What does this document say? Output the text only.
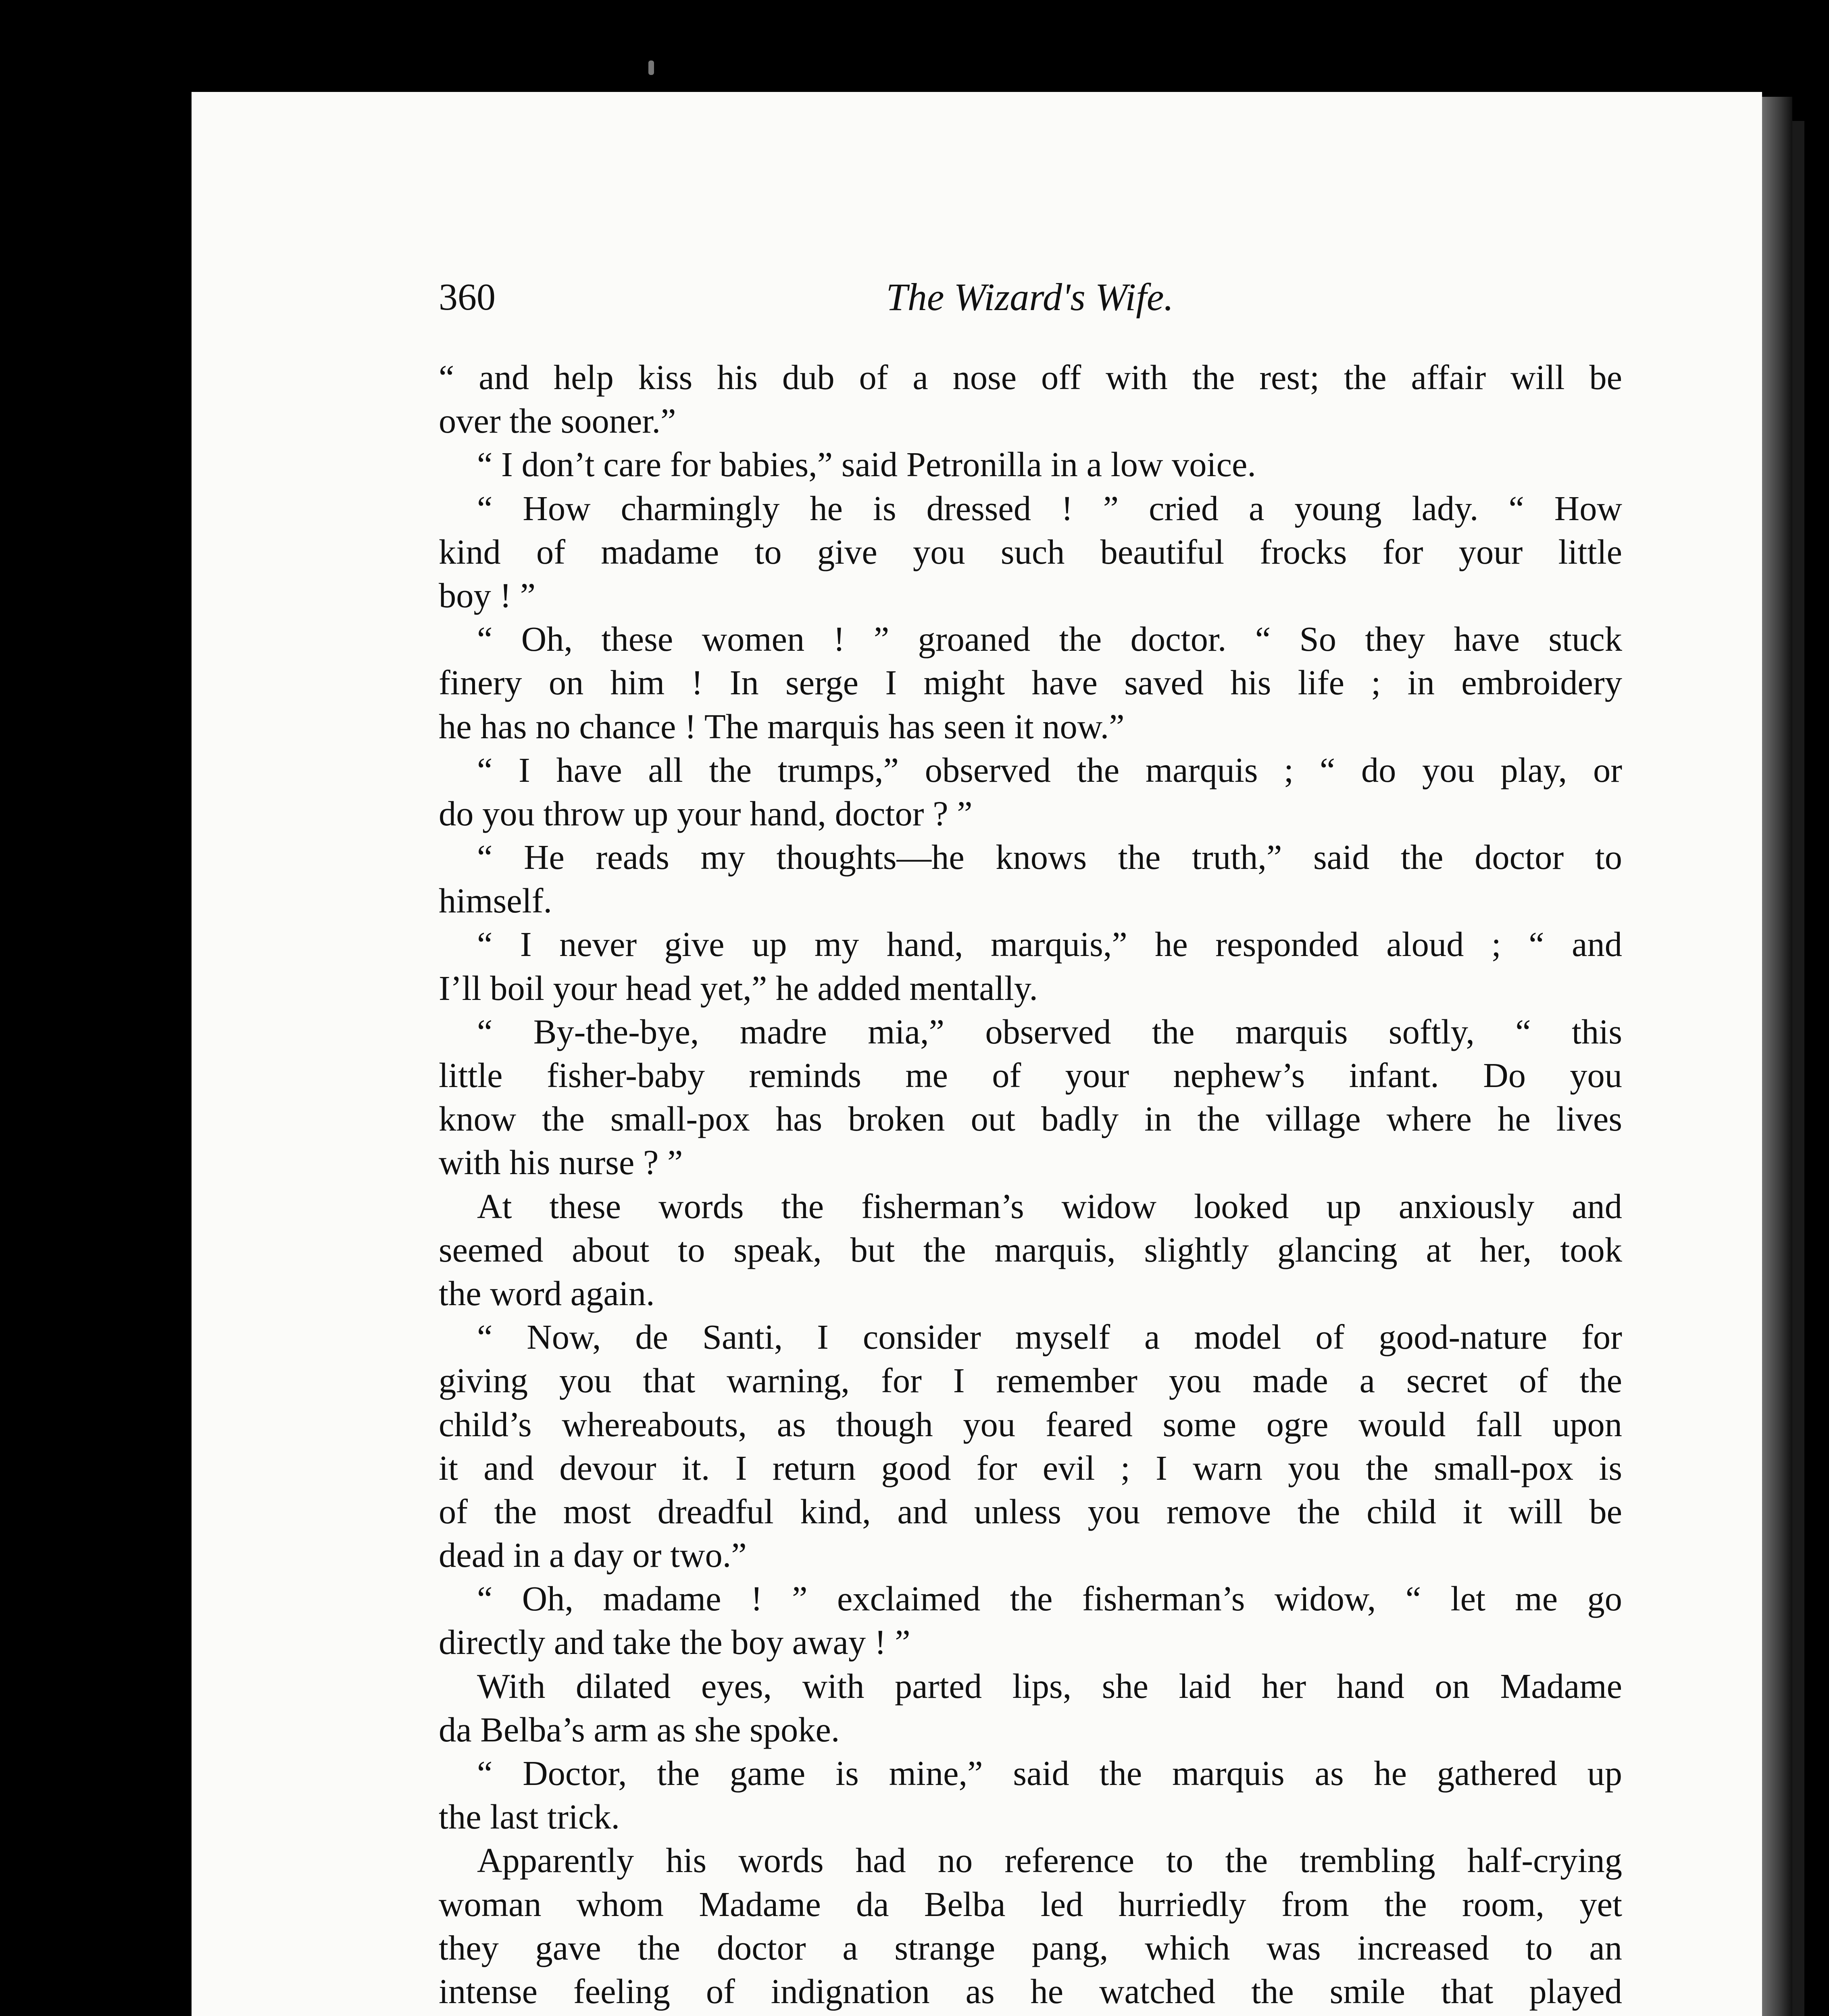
360	The Wizard's Wife.
“ and help kiss his dub of a nose off with the rest; the affair will be
over the sooner.”
“ I don’t care for babies,” said Petronilla in a low voice.
“ How charmingly he is dressed ! ” cried a young lady. “ How
kind of madame to give you such beautiful frocks for your little
boy ! ”
“ Oh, these women ! ” groaned the doctor. “ So they have stuck
finery on him ! In serge I might have saved his life ; in embroidery
he has no chance ! The marquis has seen it now.”
“ I have all the trumps,” observed the marquis ; “ do you play, or
do you throw up your hand, doctor ? ”
“ He reads my thoughts—he knows the truth,” said the doctor to
himself.
“ I never give up my hand, marquis,” he responded aloud ; “ and
I’ll boil your head yet,” he added mentally.
“ By-the-bye, madre mia,” observed the marquis softly, “ this
little fisher-baby reminds me of your nephew’s infant. Do you
know the small-pox has broken out badly in the village where he lives
with his nurse ? ”
At these words the fisherman’s widow looked up anxiously and
seemed about to speak, but the marquis, slightly glancing at her, took
the word again.
“ Now, de Santi, I consider myself a model of good-nature for
giving you that warning, for I remember you made a secret of the
child’s whereabouts, as though you feared some ogre would fall upon
it and devour it. I return good for evil ; I warn you the small-pox is
of the most dreadful kind, and unless you remove the child it will be
dead in a day or two.”
“ Oh, madame ! ” exclaimed the fisherman’s widow, “ let me go
directly and take the boy away ! ”
With dilated eyes, with parted lips, she laid her hand on Madame
da Belba’s arm as she spoke.
“ Doctor, the game is mine,” said the marquis as he gathered up
the last trick.
Apparently his words had no reference to the trembling half-crying
woman whom Madame da Belba led hurriedly from the room, yet
they gave the doctor a strange pang, which was increased to an
intense feeling of indignation as he watched the smile that played
